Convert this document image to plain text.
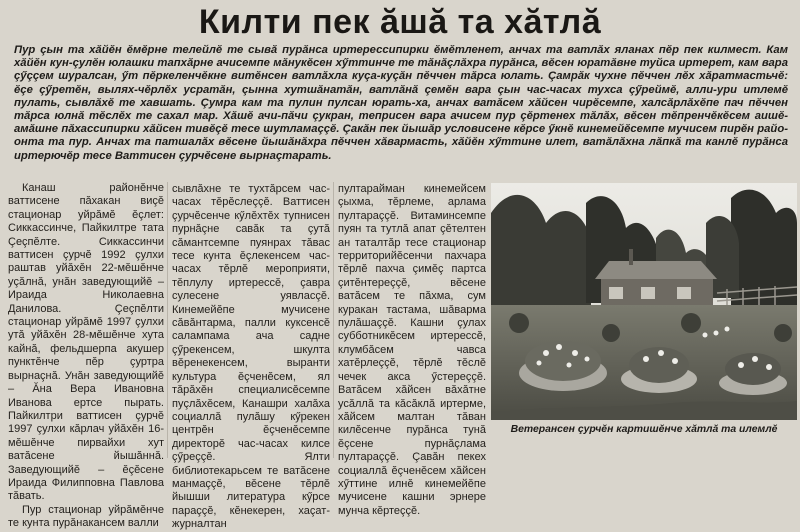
Килти пек ăшă та хăтлă
Пур çын та хăйĕн ĕмĕрне телейлĕ те сывă пурăнса иртерессипирки ĕмĕтленет, анчах та ватлăх яланах пĕр пек килмест. Кам хăйĕн кун-çулĕн юлашки тапхăрне ачисемпе мăнукĕсен хӳттинче те тăнăçлăхра пурăнса, вĕсен юратăвне туйса иртерет, кам вара çӳççем шуралсан, ӳт пĕркеленчĕкне витĕнсен ватлăхла куçа-куçăн пĕччен тăрса юлать. Çамрăк чухне пĕччен лĕх хăратмастьчĕ: ĕçе çӳретĕн, вылях-чĕрлĕх усратăн, çынна хутшăнатăн, ватлăнă çемĕн вара çын час-часах тухса çӳреймĕ, алли-ури итлемĕ пулать, сывлăхĕ те хавшать. Çумра кам та пулин пулсан юрать-ха, анчах ватăсем хăйсен чирĕсемпе, халсăрлăхĕпе пач пĕччен тăрса юлнă тĕслĕх те сахал мар. Хăшĕ ачи-пăчи çукран, теприсен вара ачисем пур çĕртенех тăлăх, вĕсен тĕпренчĕкĕсем аишĕ-амăшне пăхассипирки хăйсен тивĕçĕ тесе шутламаççĕ. Çакăн пек йышăр условисене кĕрсе ӳкнĕ кинемейĕсемпе мучисем пирĕн райо-онта та пур. Анчах та патшалăх вĕсене йышăнăхра пĕччен хăвармасть, хăйĕн хӳттине илет, ватăлăхна лăпкă та канлĕ пурăнса иртерючĕр тесе Ваттисен çурчĕсене вырнаçтарать.

Канаш районĕнче ваттисене пăхакан виçĕ стационар уйрăмĕ ĕçлет: Сиккассинче, Пайкилтре тата Çеçпĕлте. Сиккассинчи ваттисен çурчĕ 1992 çулхи раштав уйăхĕн 22-мĕшĕнче уçăлнă, унăн заведующийĕ – Ираида Николаевна Данилова. Çеçпĕлти стационар уйрăмĕ 1997 çулхи утă уйăхĕн 28-мĕшĕнче хута кайнă, фельдшерпа акушер пунктĕнче пĕр çуртра вырнаçнă. Унăн заведующийĕ – Ăна Вера Ивановна Иванова ертсе пырать. Пайкилтри ваттисен çурчĕ 1997 çулхи кăрлач уйăхĕн 16-мĕшĕнче пирвайхи хут ватăсене йышăннă. Заведующийĕ – ĕçĕсене Ираида Филипповна Павлова тăвать.

Пур стационар уйрăмĕнче те кунта пурăнакансем валли

сывлăхне те тухтăрсем час-часах тĕрĕслеççĕ. Ваттисен çурчĕсенче кӳлĕхтĕх тупнисен пурнăçне савăк та çутă сăмантсемпе пуянрах тăвас тесе кунта ĕçлекенсем час-часах тĕрлĕ мероприяти, тĕплулу иртерессĕ, çавра сулесене уявласçĕ. Кинемейĕпе мучисене сăвăнтарма, палли куксенсĕ салампама ача садне çӳрекенсем, шкулта вĕренекенсем, выранти культура ĕçченĕсем, ял тăрăхĕн специалисĕсемпе пуçлăхĕсем, Канашри халăха социаллă пулăшу кӳрекен центрĕн ĕçченĕсемпе директорĕ час-часах килсе çӳреççĕ. Ялти библиотекарьсем те ватăсене манмаççĕ, вĕсене тĕрлĕ йышши литература кӳрсе параççĕ, кĕнекерен, хаçат-журналтан

пултарайман кинемейсем çыхма, тĕрлеме, арлама пултараççĕ. Витаминсемпе пуян та тутлă апат çĕтелтен ан таталтăр тесе стационар территорийĕсенчи пахчара тĕрлĕ пахча çимĕç партса çитĕнтереççĕ, вĕсене ватăсем те пăхма, сум куракан тастама, шăварма пулăшаççĕ. Кашни çулах субботникĕсем иртерессĕ, клумбăсем чавса хатĕрлеççĕ, тĕрлĕ тĕслĕ чечек акса ӳстереççĕ. Ватăсем хăйсен вăхăтне усăллă та кăсăклă иртерме, хăйсем малтан тăван килĕсенче пурăнса тунă ĕçсене пурнăçлама пултараççĕ. Çавăн пекех социаллă ĕçченĕсем хăйсен хӳттине илнĕ кинемейĕпе мучисене кашни эрнере мунча кĕртеççĕ.

Ветерансен çурчĕн картишĕнче хăтлă та илемлĕ
